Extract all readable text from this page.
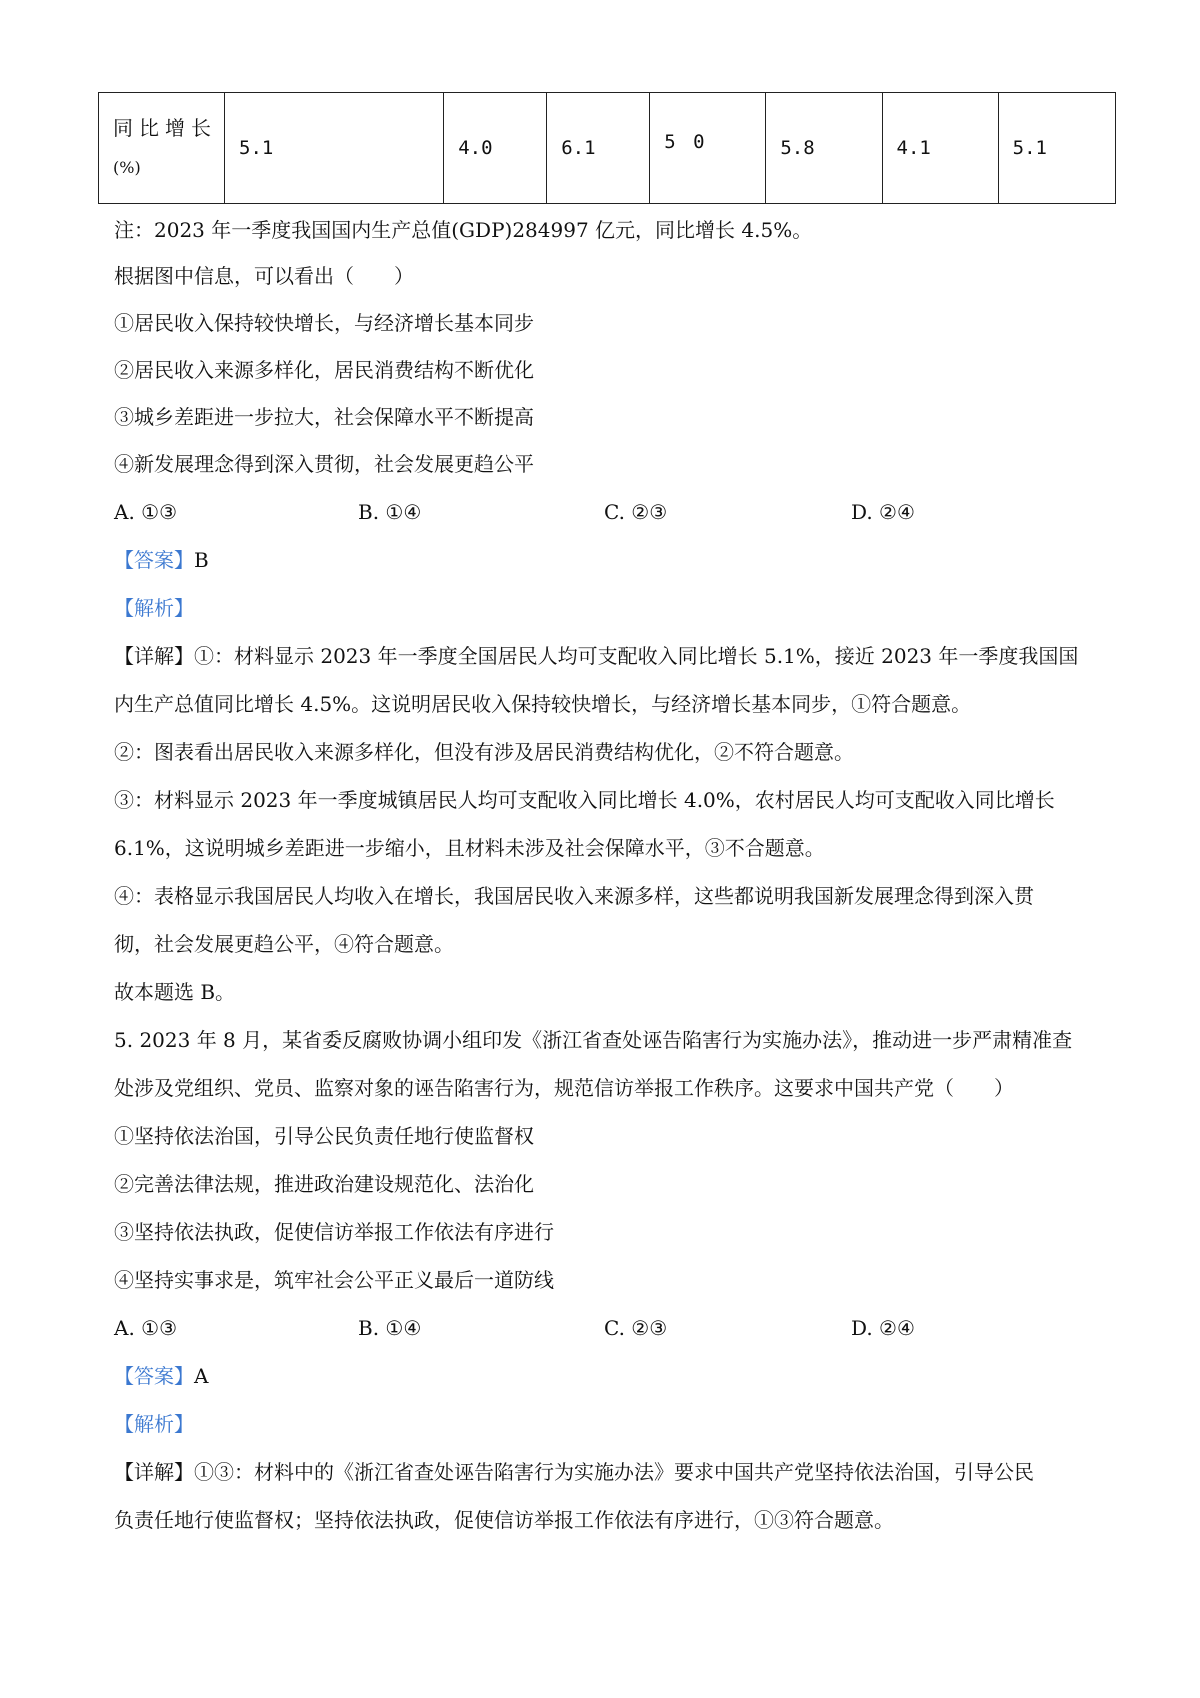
同比增长
(%)
	5.1	4.0	6.1	5 0	5.8	4.1	5.1
注：2023 年一季度我国国内生产总值(GDP)284997 亿元，同比增长 4.5%。
根据图中信息，可以看出（　　）
①居民收入保持较快增长，与经济增长基本同步
②居民收入来源多样化，居民消费结构不断优化
③城乡差距进一步拉大，社会保障水平不断提高
④新发展理念得到深入贯彻，社会发展更趋公平
A. ①③	B. ①④	C. ②③	D. ②④
【答案】B
【解析】
【详解】①：材料显示 2023 年一季度全国居民人均可支配收入同比增长 5.1%，接近 2023 年一季度我国国
内生产总值同比增长 4.5%。这说明居民收入保持较快增长，与经济增长基本同步，①符合题意。
②：图表看出居民收入来源多样化，但没有涉及居民消费结构优化，②不符合题意。
③：材料显示 2023 年一季度城镇居民人均可支配收入同比增长 4.0%，农村居民人均可支配收入同比增长
6.1%，这说明城乡差距进一步缩小，且材料未涉及社会保障水平，③不合题意。
④：表格显示我国居民人均收入在增长，我国居民收入来源多样，这些都说明我国新发展理念得到深入贯
彻，社会发展更趋公平，④符合题意。
故本题选 B。
5. 2023 年 8 月，某省委反腐败协调小组印发《浙江省查处诬告陷害行为实施办法》，推动进一步严肃精准查
处涉及党组织、党员、监察对象的诬告陷害行为，规范信访举报工作秩序。这要求中国共产党（　　）
①坚持依法治国，引导公民负责任地行使监督权
②完善法律法规，推进政治建设规范化、法治化
③坚持依法执政，促使信访举报工作依法有序进行
④坚持实事求是，筑牢社会公平正义最后一道防线
A. ①③	B. ①④	C. ②③	D. ②④
【答案】A
【解析】
【详解】①③：材料中的《浙江省查处诬告陷害行为实施办法》要求中国共产党坚持依法治国，引导公民
负责任地行使监督权；坚持依法执政，促使信访举报工作依法有序进行，①③符合题意。
